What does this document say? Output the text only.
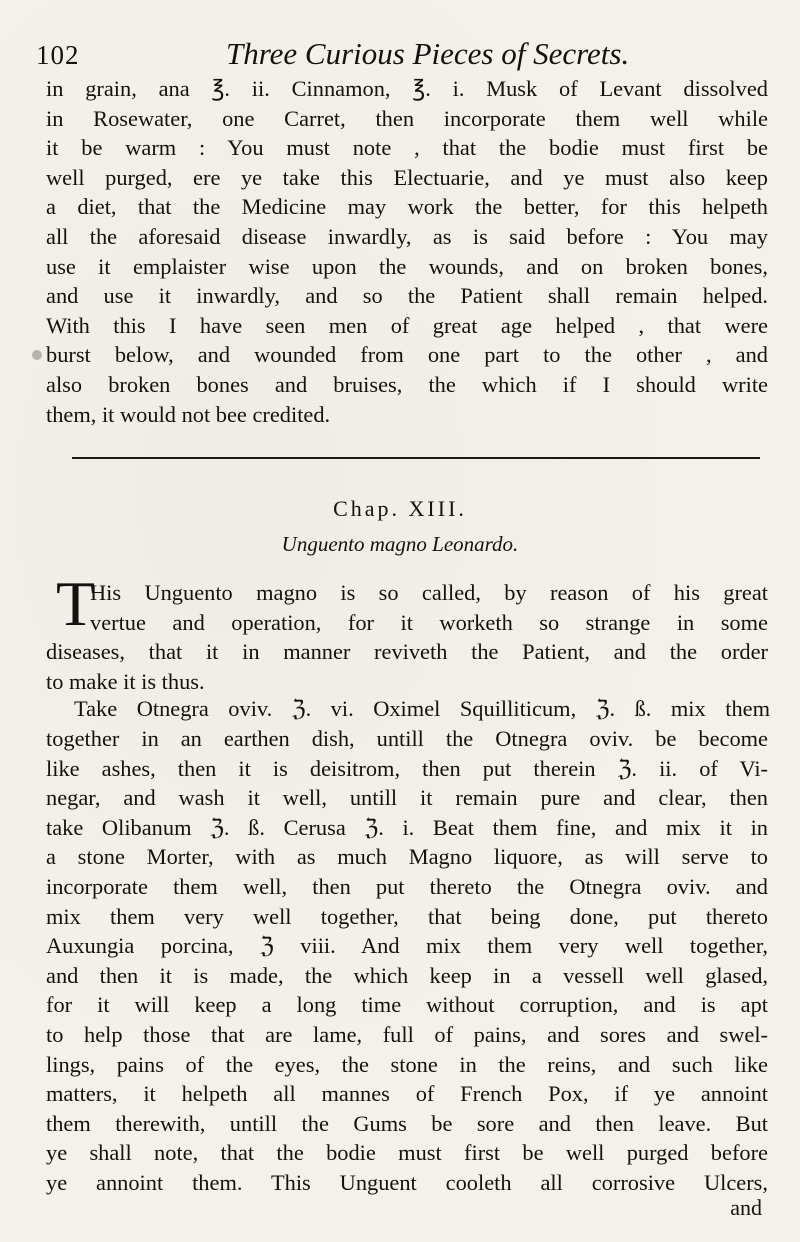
102	Three Curious Pieces of Secrets.
in grain, ana ℥. ii. Cinnamon, ℥. i. Musk of Levant dissolved
in Rosewater, one Carret, then incorporate them well while
it be warm : You must note , that the bodie must first be
well purged, ere ye take this Electuarie, and ye must also keep
a diet, that the Medicine may work the better, for this helpeth
all the aforesaid disease inwardly, as is said before : You may
use it emplaister wise upon the wounds, and on broken bones,
and use it inwardly, and so the Patient shall remain helped.
With this I have seen men of great age helped , that were
burst below, and wounded from one part to the other , and
also broken bones and bruises, the which if I should write
them, it would not bee credited.
Chap. XIII.
Unguento magno Leonardo.
T
His Unguento magno is so called, by reason of his great
vertue and operation, for it worketh so strange in some
diseases, that it in manner reviveth the Patient, and the order
to make it is thus.
Take Otnegra oviv. ℨ. vi. Oximel Squilliticum, ℨ. ß. mix them
together in an earthen dish, untill the Otnegra oviv. be become
like ashes, then it is deisitrom, then put therein ℨ. ii. of Vi-
negar, and wash it well, untill it remain pure and clear, then
take Olibanum ℨ. ß. Cerusa ℨ. i. Beat them fine, and mix it in
a stone Morter, with as much Magno liquore, as will serve to
incorporate them well, then put thereto the Otnegra oviv. and
mix them very well together, that being done, put thereto
Auxungia porcina, ℨ viii. And mix them very well together,
and then it is made, the which keep in a vessell well glased,
for it will keep a long time without corruption, and is apt
to help those that are lame, full of pains, and sores and swel-
lings, pains of the eyes, the stone in the reins, and such like
matters, it helpeth all mannes of French Pox, if ye annoint
them therewith, untill the Gums be sore and then leave. But
ye shall note, that the bodie must first be well purged before
ye annoint them. This Unguent cooleth all corrosive Ulcers,
and
